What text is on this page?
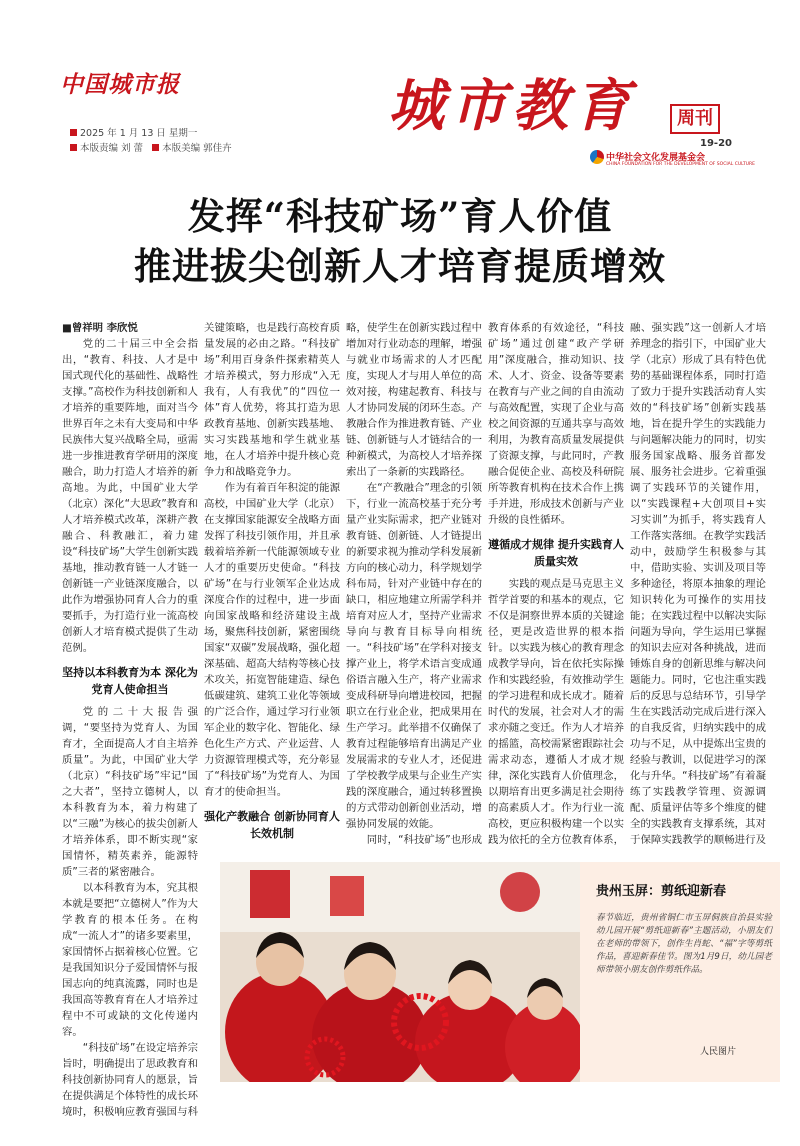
中国城市报
2025 年 1 月 13 日 星期一
本版责编 刘 蕾 本版美编 郭佳卉
城市教育	周刊
19-20
中华社会文化发展基金会
CHINA FOUNDATION FOR THE DEVELOPMENT OF SOCIAL CULTURE
发挥“科技矿场”育人价值
推进拔尖创新人才培育提质增效

■曾祥明 李欣悦

党的二十届三中全会指出，“教育、科技、人才是中国式现代化的基础性、战略性支撑。”高校作为科技创新和人才培养的重要阵地，面对当今世界百年之未有大变局和中华民族伟大复兴战略全局，亟需进一步推进教育学研用的深度融合，助力打造人才培养的新高地。为此，中国矿业大学（北京）深化“大思政”教育和人才培养模式改革，深耕产教融合、科教融汇，着力建设“科技矿场”大学生创新实践基地，推动教育链一人才链一创新链一产业链深度融合，以此作为增强协同育人合力的重要抓手，为打造行业一流高校创新人才培育模式提供了生动范例。

坚持以本科教育为本 深化为党育人使命担当

党的二十大报告强调，“要坚持为党育人、为国育才，全面提高人才自主培养质量”。为此，中国矿业大学（北京）“科技矿场”牢记“国之大者”，坚持立德树人，以本科教育为本，着力构建了以“三融”为核心的拔尖创新人才培养体系，即不断实现“家国情怀，精英素养，能源特质”三者的紧密融合。

以本科教育为本，究其根本就是要把“立德树人”作为大学教育的根本任务。在构成“一流人才”的诸多要素里，家国情怀占据着核心位置。它是我国知识分子爱国情怀与报国志向的纯真流露，同时也是我国高等教育育在人才培养过程中不可或缺的文化传递内容。

“科技矿场”在设定培养宗旨时，明确提出了思政教育和科技创新协同育人的愿景，旨在提供满足个体特性的成长环境时，积极响应教育强国与科

关键策略，也是践行高校育质量发展的必由之路。“科技矿场”利用百身条件探索精英人才培养模式，努力形成“入无我有，人有我优”的“四位一体”育人优势，将其打造为思政教育基地、创新实践基地、实习实践基地和学生就业基地，在人才培养中提升核心竞争力和战略竞争力。

作为有着百年积淀的能源高校，中国矿业大学（北京）在支撑国家能源安全战略方面发挥了科技引领作用，并且承载着培养新一代能源领域专业人才的重要历史使命。“科技矿场”在与行业领军企业达成深度合作的过程中，进一步面向国家战略和经济建设主战场，聚焦科技创新，紧密围绕国家“双碳”发展战略，强化超深基础、超高大结构等核心技术攻关，拓宽智能建造、绿色低碳建筑、建筑工业化等领域的广泛合作，通过学习行业领军企业的数字化、智能化、绿色化生产方式、产业运营、人力资源管理模式等，充分彰显了“科技矿场”为党育人、为国育才的使命担当。

强化产教融合 创新协同育人长效机制

略，使学生在创新实践过程中增加对行业动态的理解，增强与就业市场需求的人才匹配度，实现人才与用人单位的高效对接，构建起教育、科技与人才协同发展的闭环生态。产教融合作为推进教育链、产业链、创新链与人才链结合的一种新模式，为高校人才培养探索出了一条新的实践路径。

在“产教融合”理念的引领下，行业一流高校基于充分考量产业实际需求，把产业链对教育链、创新链、人才链提出的新要求视为推动学科发展新方向的核心动力，科学规划学科布局，针对产业链中存在的缺口，相应地建立所需学科并培育对应人才，坚持产业需求导向与教育目标导向相统一。“科技矿场”在学科对接支撑产业上，将学术语言变成通俗语言融入生产，将产业需求变成科研导向增进校园，把握职立在行业企业，把成果用在生产学习。此举措不仅确保了教育过程能够培育出满足产业发展需求的专业人才，还促进了学校教学成果与企业生产实践的深度融合，通过转移置换的方式带动创新创业活动，增强协同发展的效能。

同时，“科技矿场”也形成

教育体系的有效途径，“科技矿场”通过创建“政产学研用”深度融合，推动知识、技术、人才、资金、设备等要素在教育与产业之间的自由流动与高效配置，实现了企业与高校之间资源的互通共享与高效利用，为教育高质量发展提供了资源支撑，与此同时，产教融合促使企业、高校及科研院所等教育机构在技术合作上携手并进，形成技术创新与产业升级的良性循环。

遵循成才规律 提升实践育人质量实效

实践的观点是马克思主义哲学首要的和基本的观点，它不仅是洞察世界本质的关键途径，更是改造世界的根本指针。以实践为核心的教育理念成教学导向，旨在依托实际操作和实践经验，有效推动学生的学习进程和成长成才。随着时代的发展，社会对人才的需求亦随之变迁。作为人才培养的摇篮，高校需紧密跟踪社会需求动态，遵循人才成才规律，深化实践育人价值理念，以期培育出更多满足社会期待的高素质人才。作为行业一流高校，更应积极构建一个以实践为依托的全方位教育体系，

融、强实践”这一创新人才培养理念的指引下，中国矿业大学（北京）形成了具有特色优势的基础课程体系，同时打造了致力于提升实践活动育人实效的“科技矿场”创新实践基地，旨在提升学生的实践能力与问题解决能力的同时，切实服务国家战略、服务首都发展、服务社会进步。它着重强调了实践环节的关键作用，以“实践课程+大创项目+实习实训”为抓手，将实践育人工作落实落细。在教学实践活动中，鼓励学生积极参与其中，借助实验、实训及项目等多种途径，将原本抽象的理论知识转化为可操作的实用技能；在实践过程中以解决实际问题为导向，学生运用已掌握的知识去应对各种挑战，进而锤炼自身的创新思维与解决问题能力。同时，它也注重实践后的反思与总结环节，引导学生在实践活动完成后进行深入的自我反省，归纳实践中的成功与不足，从中提炼出宝贵的经验与教训，以促进学习的深化与升华。“科技矿场”有着凝练了实践教学管理、资源调配、质量评估等多个维度的健全的实践教育支撑系统，其对于保障实践教学的顺畅进行及

贵州玉屏：剪纸迎新春
春节临近，贵州省铜仁市玉屏侗族自治县实验幼儿园开展“剪纸迎新春”主题活动，小朋友们在老师的带领下，创作生肖蛇、“福”字等剪纸作品，喜迎新春佳节。图为1月9日，幼儿园老师带领小朋友创作剪纸作品。
人民图片
